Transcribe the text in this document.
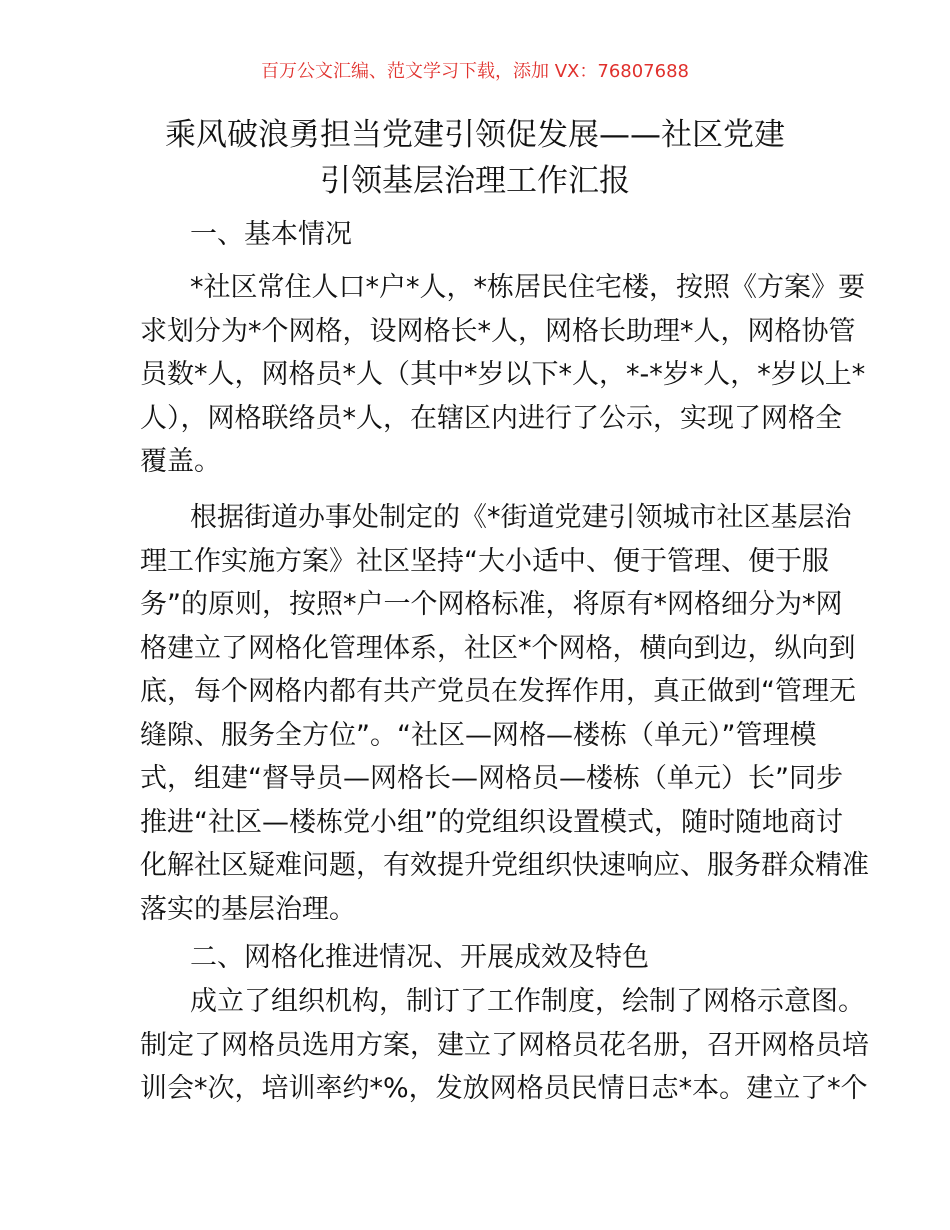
百万公文汇编、范文学习下载，添加 VX：76807688
乘风破浪勇担当党建引领促发展——社区党建
引领基层治理工作汇报
一、基本情况
*社区常住人口*户*人，*栋居民住宅楼，按照《方案》要
求划分为*个网格，设网格长*人，网格长助理*人，网格协管
员数*人，网格员*人（其中*岁以下*人，*-*岁*人，*岁以上*
人），网格联络员*人，在辖区内进行了公示，实现了网格全
覆盖。
根据街道办事处制定的《*街道党建引领城市社区基层治
理工作实施方案》社区坚持“大小适中、便于管理、便于服
务”的原则，按照*户一个网格标准，将原有*网格细分为*网
格建立了网格化管理体系，社区*个网格，横向到边，纵向到
底，每个网格内都有共产党员在发挥作用，真正做到“管理无
缝隙、服务全方位”。“社区—网格—楼栋（单元）”管理模
式，组建“督导员—网格长—网格员—楼栋（单元）长”同步
推进“社区—楼栋党小组”的党组织设置模式，随时随地商讨
化解社区疑难问题，有效提升党组织快速响应、服务群众精准
落实的基层治理。
二、网格化推进情况、开展成效及特色
成立了组织机构，制订了工作制度，绘制了网格示意图。
制定了网格员选用方案，建立了网格员花名册，召开网格员培
训会*次，培训率约*%，发放网格员民情日志*本。建立了*个
